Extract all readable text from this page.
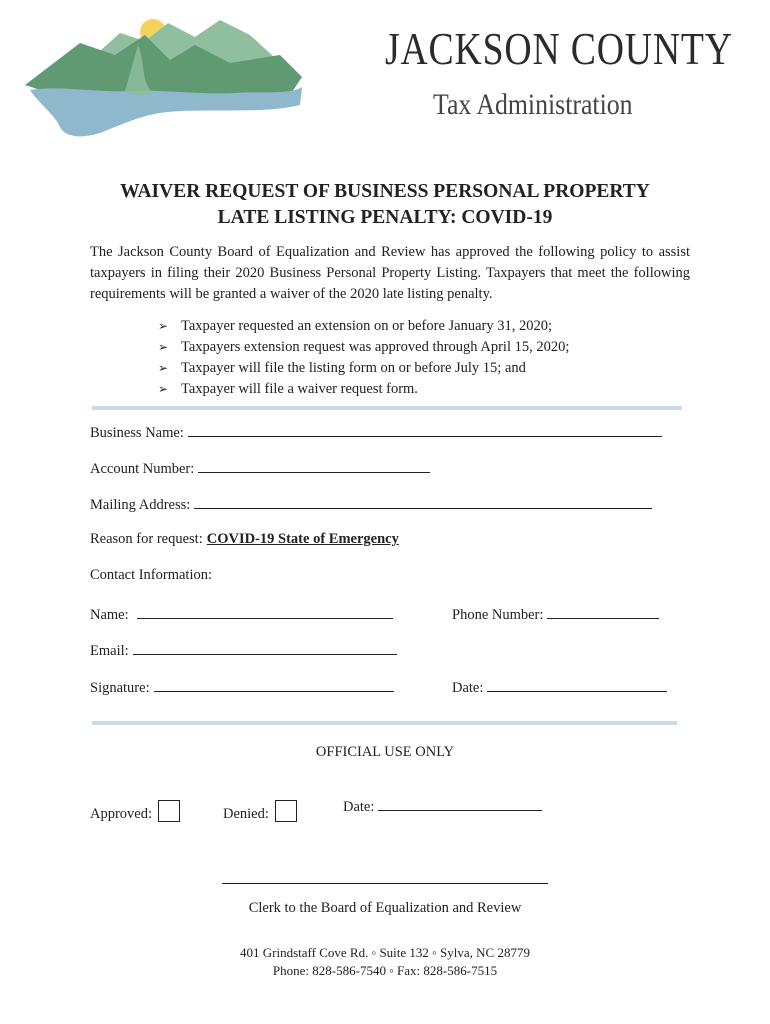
JACKSON COUNTY
Tax Administration
WAIVER REQUEST OF BUSINESS PERSONAL PROPERTY
LATE LISTING PENALTY: COVID-19
The Jackson County Board of Equalization and Review has approved the following policy to assist taxpayers in filing their 2020 Business Personal Property Listing. Taxpayers that meet the following requirements will be granted a waiver of the 2020 late listing penalty.
➢ Taxpayer requested an extension on or before January 31, 2020;
➢ Taxpayers extension request was approved through April 15, 2020;
➢ Taxpayer will file the listing form on or before July 15; and
➢ Taxpayer will file a waiver request form.
Business Name:
Account Number:
Mailing Address:
Reason for request: COVID-19 State of Emergency
Contact Information:
Name:	Phone Number:
Email:
Signature:	Date:
OFFICIAL USE ONLY
Approved:	Denied:	Date:
Clerk to the Board of Equalization and Review
401 Grindstaff Cove Rd. ◦ Suite 132 ◦ Sylva, NC 28779
Phone: 828-586-7540 ◦ Fax: 828-586-7515
